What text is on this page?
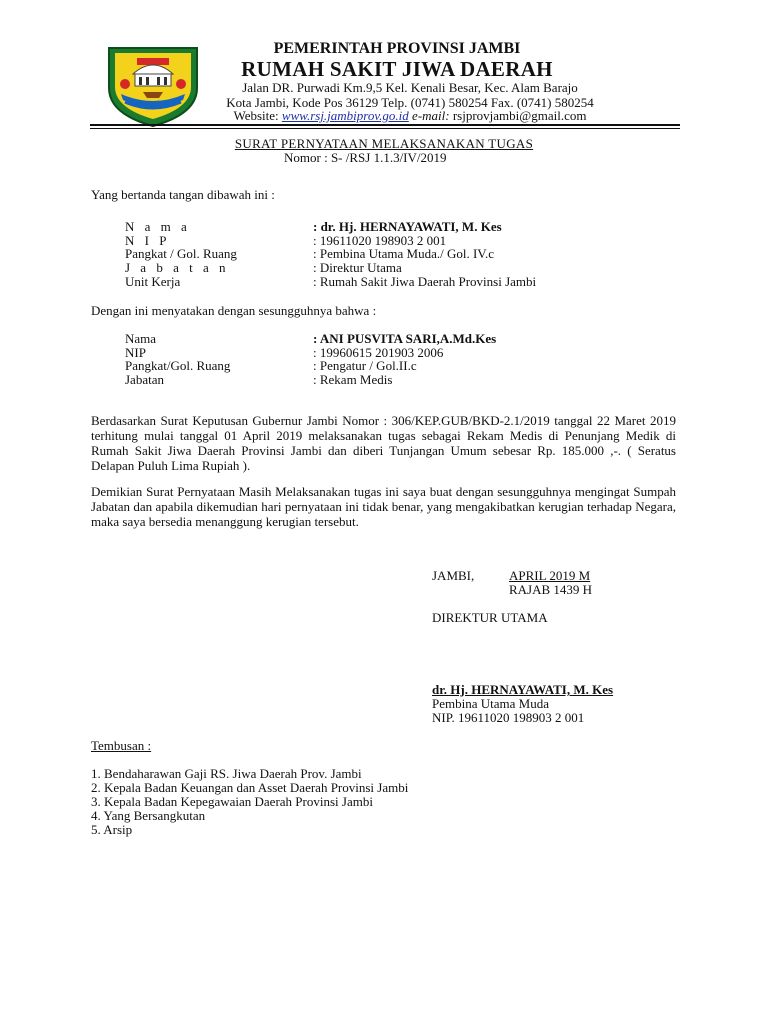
PEMERINTAH PROVINSI JAMBI
RUMAH SAKIT JIWA DAERAH
Jalan DR. Purwadi Km.9,5 Kel. Kenali Besar, Kec. Alam Barajo
Kota Jambi, Kode Pos 36129 Telp. (0741) 580254 Fax. (0741) 580254
Website: www.rsj.jambiprov.go.id e-mail: rsjprovjambi@gmail.com
SURAT PERNYATAAN MELAKSANAKAN TUGAS
Nomor : S- /RSJ 1.1.3/IV/2019
Yang bertanda tangan dibawah ini :
N a m a	: dr. Hj. HERNAYAWATI, M. Kes
N I P	: 19611020 198903 2 001
Pangkat / Gol. Ruang	: Pembina Utama Muda./ Gol. IV.c
J a b a t a n	: Direktur Utama
Unit Kerja	: Rumah Sakit Jiwa Daerah Provinsi Jambi
Dengan ini menyatakan dengan sesungguhnya bahwa :
Nama	: ANI PUSVITA SARI,A.Md.Kes
NIP	: 19960615 201903 2006
Pangkat/Gol. Ruang	: Pengatur / Gol.II.c
Jabatan	: Rekam Medis
Berdasarkan Surat Keputusan Gubernur Jambi Nomor : 306/KEP.GUB/BKD-2.1/2019 tanggal 22 Maret 2019 terhitung mulai tanggal 01 April 2019 melaksanakan tugas sebagai Rekam Medis di Penunjang Medik di Rumah Sakit Jiwa Daerah Provinsi Jambi dan diberi Tunjangan Umum sebesar Rp. 185.000 ,-. ( Seratus Delapan Puluh Lima Rupiah ).
Demikian Surat Pernyataan Masih Melaksanakan tugas ini saya buat dengan sesungguhnya mengingat Sumpah Jabatan dan apabila dikemudian hari pernyataan ini tidak benar, yang mengakibatkan kerugian terhadap Negara, maka saya bersedia menanggung kerugian tersebut.
JAMBI,	APRIL 2019 M
RAJAB 1439 H
DIREKTUR UTAMA
dr. Hj. HERNAYAWATI, M. Kes
Pembina Utama Muda
NIP. 19611020 198903 2 001
Tembusan :
1. Bendaharawan Gaji RS. Jiwa Daerah Prov. Jambi
2. Kepala Badan Keuangan dan Asset Daerah Provinsi Jambi
3. Kepala Badan Kepegawaian Daerah Provinsi Jambi
4. Yang Bersangkutan
5. Arsip
